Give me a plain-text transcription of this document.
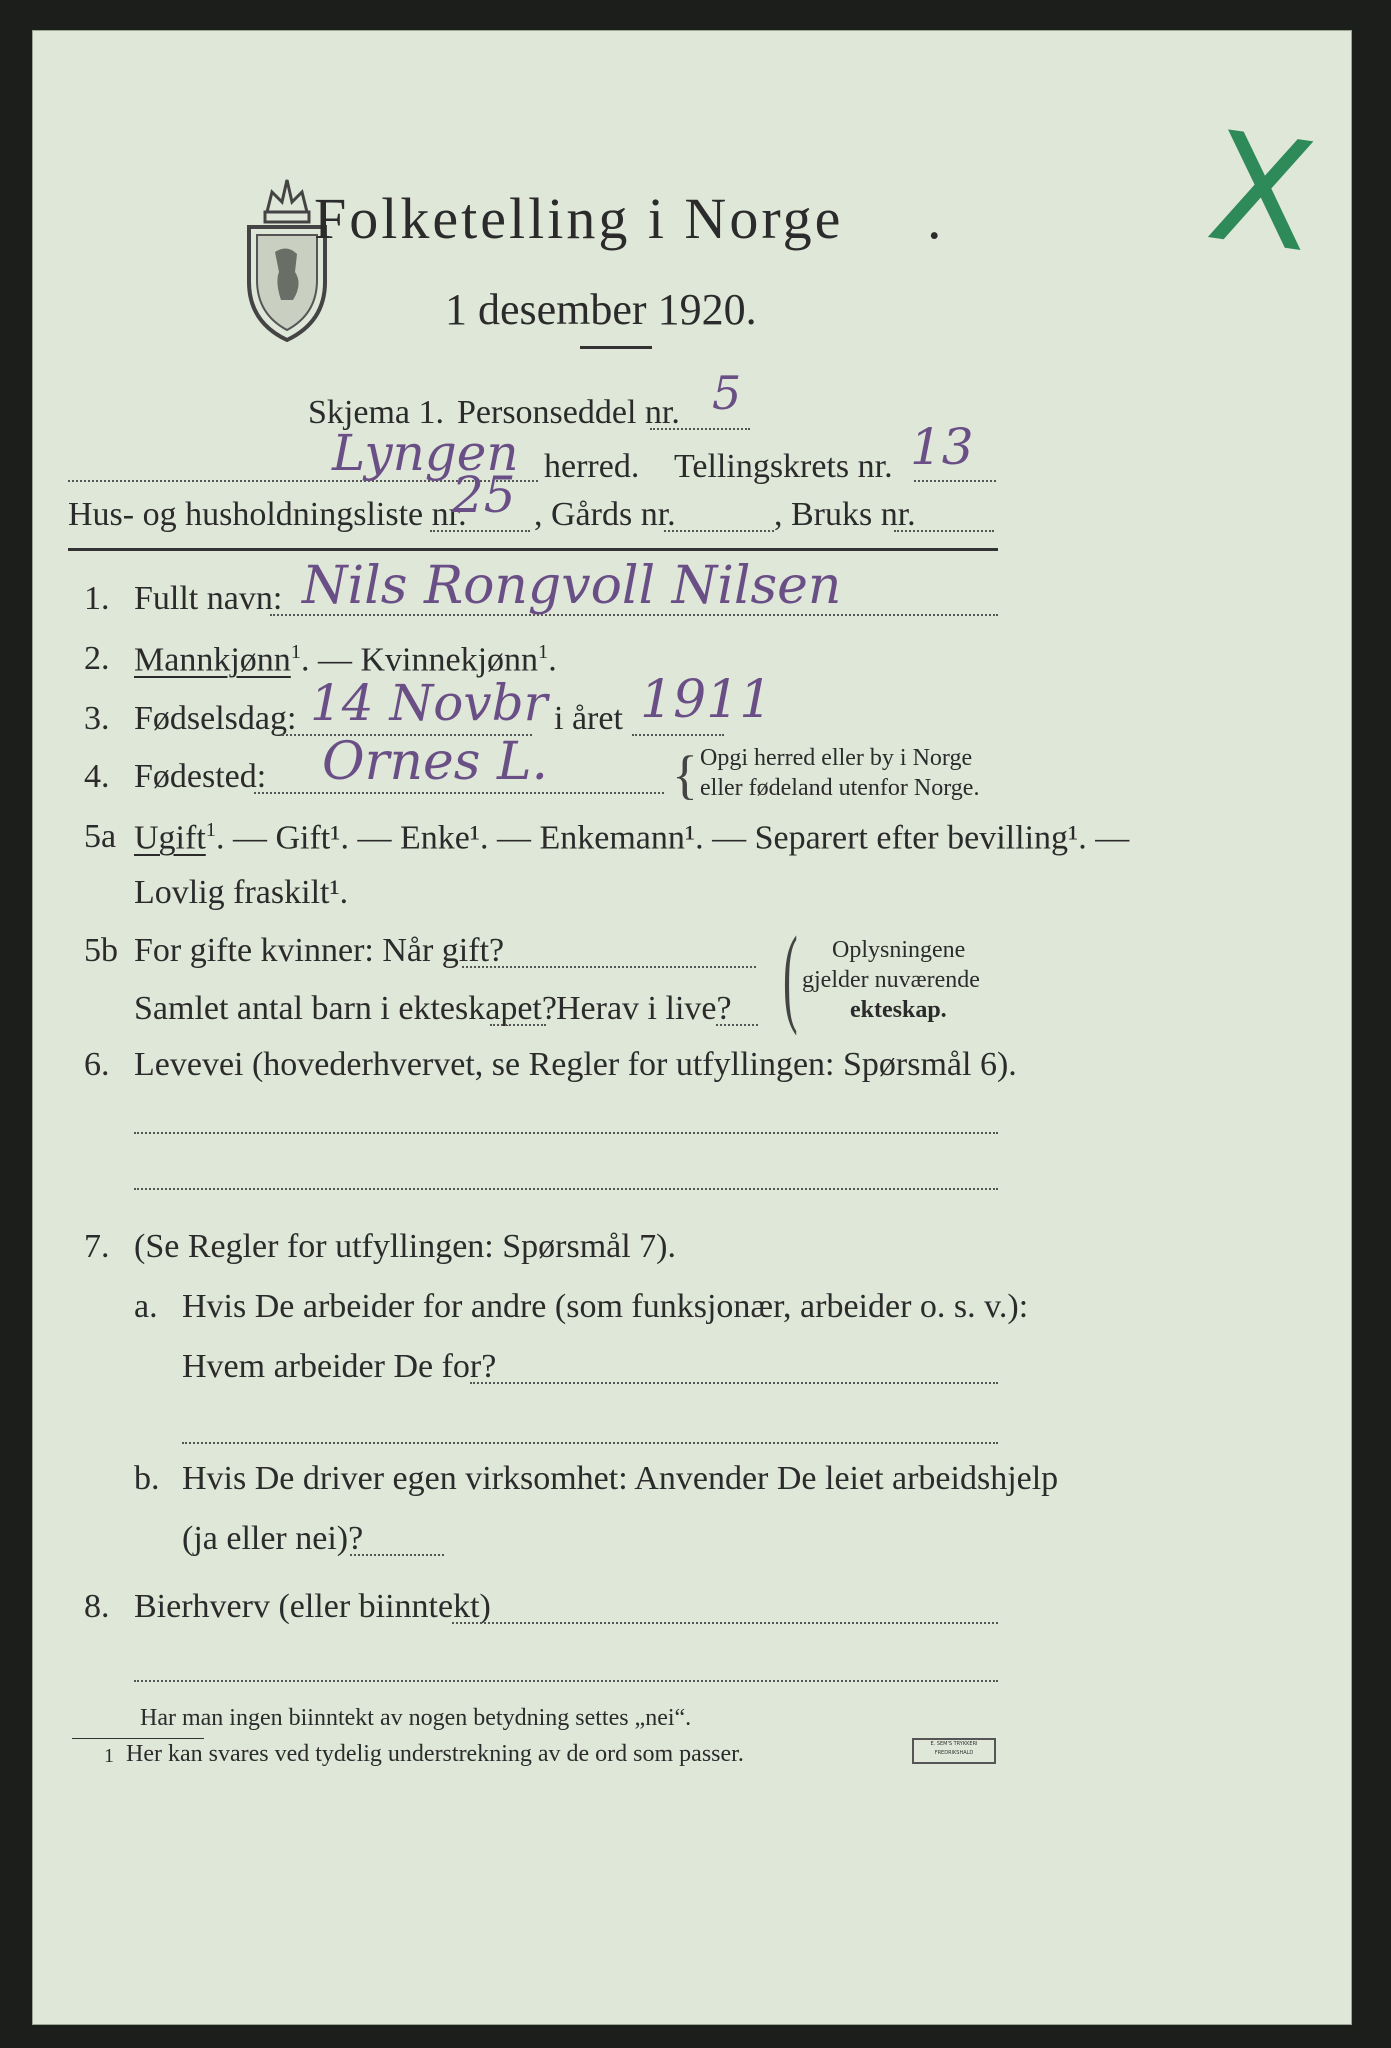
Folketelling i Norge .
1 desember 1920.
X
Skjema 1. Personseddel nr. 5
Lyngen herred. Tellingskrets nr. 13
Hus- og husholdningsliste nr.
25 , Gårds nr.	, Bruks nr.
1. Fullt navn: Nils Rongvoll Nilsen
2. Mannkjønn$^1$. — Kvinnekjønn$^1$.
3. Fødselsdag: 14 Novbr i året 1911
4. Fødested: Ornes L. { Opgi herred eller by i Norge
eller fødeland utenfor Norge.
5a Ugift$^1$. — Gift¹. — Enke¹. — Enkemann¹. — Separert efter bevilling¹. —
Lovlig fraskilt¹.
5b For gifte kvinner: Når gift?
Samlet antal barn i ekteskapet? Herav i live? ( Oplysningene
gjelder nuværende
ekteskap.
6. Levevei (hovederhvervet, se Regler for utfyllingen: Spørsmål 6).
7. (Se Regler for utfyllingen: Spørsmål 7).
a. Hvis De arbeider for andre (som funksjonær, arbeider o. s. v.):
Hvem arbeider De for?
b. Hvis De driver egen virksomhet: Anvender De leiet arbeidshjelp
(ja eller nei)?
8. Bierhverv (eller biinntekt)
Har man ingen biinntekt av nogen betydning settes „nei“.
1 Her kan svares ved tydelig understrekning av de ord som passer.	E. SEM'S TRYKKERI FREDRIKSHALD
